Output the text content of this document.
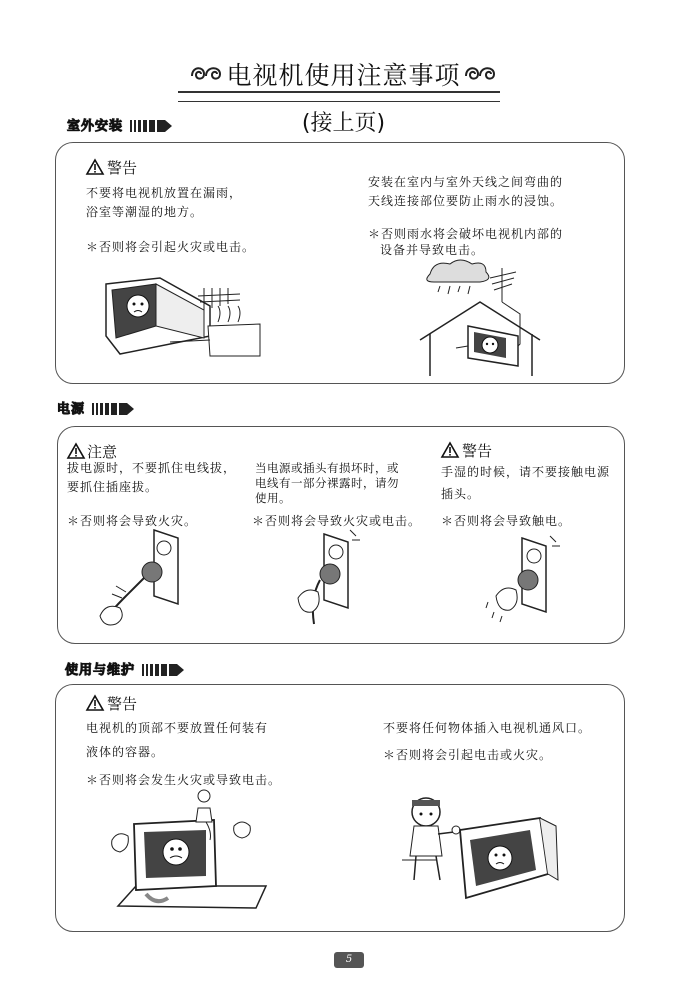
电视机使用注意事项
(接上页)
室外安装
警告
不要将电视机放置在漏雨，
浴室等潮湿的地方。
＊否则将会引起火灾或电击。
安装在室内与室外天线之间弯曲的
天线连接部位要防止雨水的浸蚀。
＊否则雨水将会破坏电视机内部的
设备并导致电击。
电源
注意
拔电源时，不要抓住电线拔，
要抓住插座拔。
＊否则将会导致火灾。
当电源或插头有损坏时，或
电线有一部分裸露时，请勿
使用。
＊否则将会导致火灾或电击。
警告
手湿的时候，请不要接触电源
插头。
＊否则将会导致触电。
使用与维护
警告
电视机的顶部不要放置任何装有
液体的容器。
＊否则将会发生火灾或导致电击。
不要将任何物体插入电视机通风口。
＊否则将会引起电击或火灾。
5
